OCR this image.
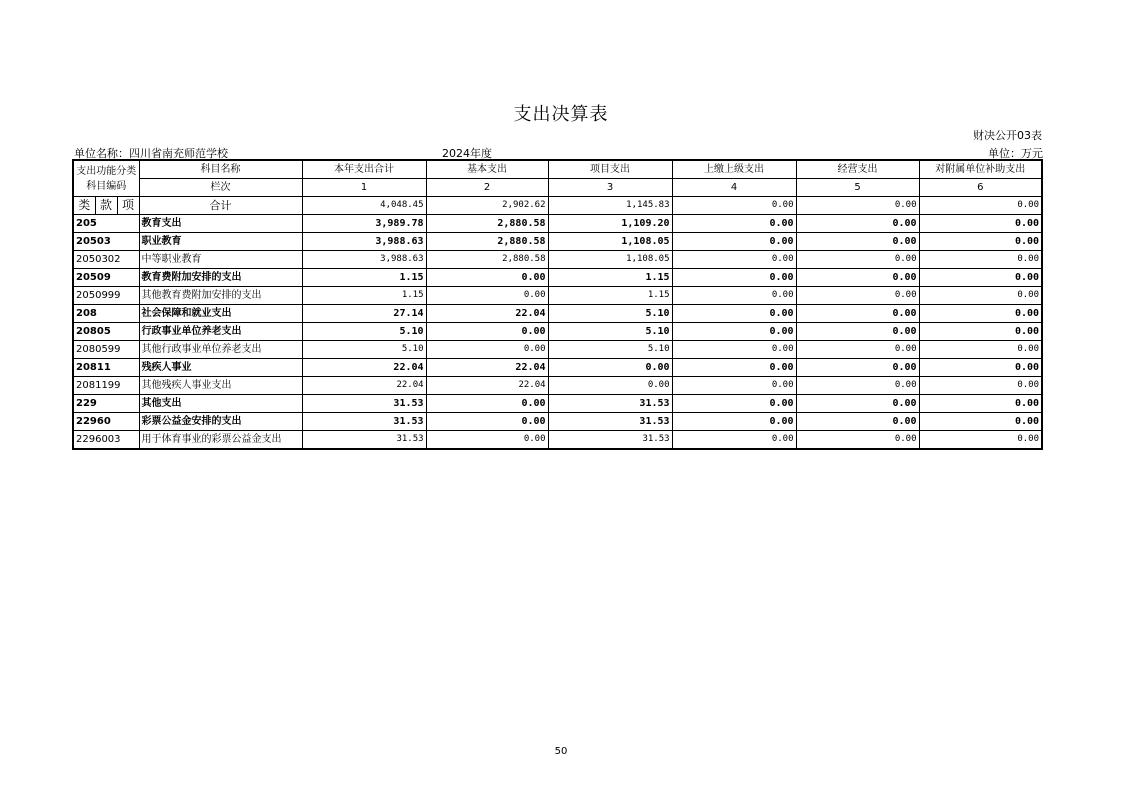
支出决算表
财决公开03表
单位名称：四川省南充师范学校	2024年度	单位：万元
支出功能分类科目编码			科目名称	本年支出合计	基本支出	项目支出	上缴上级支出	经营支出	对附属单位补助支出
			栏次	1	2	3	4	5	6
类	款	项	合计	4,048.45	2,902.62	1,145.83	0.00	0.00	0.00
205			教育支出	3,989.78	2,880.58	1,109.20	0.00	0.00	0.00
20503			职业教育	3,988.63	2,880.58	1,108.05	0.00	0.00	0.00
2050302			中等职业教育	3,988.63	2,880.58	1,108.05	0.00	0.00	0.00
20509			教育费附加安排的支出	1.15	0.00	1.15	0.00	0.00	0.00
2050999			其他教育费附加安排的支出	1.15	0.00	1.15	0.00	0.00	0.00
208			社会保障和就业支出	27.14	22.04	5.10	0.00	0.00	0.00
20805			行政事业单位养老支出	5.10	0.00	5.10	0.00	0.00	0.00
2080599			其他行政事业单位养老支出	5.10	0.00	5.10	0.00	0.00	0.00
20811			残疾人事业	22.04	22.04	0.00	0.00	0.00	0.00
2081199			其他残疾人事业支出	22.04	22.04	0.00	0.00	0.00	0.00
229			其他支出	31.53	0.00	31.53	0.00	0.00	0.00
22960			彩票公益金安排的支出	31.53	0.00	31.53	0.00	0.00	0.00
2296003			用于体育事业的彩票公益金支出	31.53	0.00	31.53	0.00	0.00	0.00
50
